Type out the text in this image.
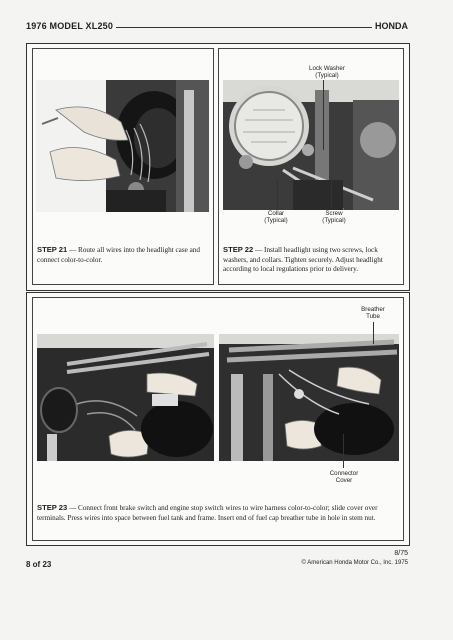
1976 MODEL XL250	HONDA
STEP 21 — Route all wires into the headlight case and connect color-to-color.
Lock Washer
(Typical)
Collar
(Typical)
Screw
(Typical)
STEP 22 — Install headlight using two screws, lock washers, and collars. Tighten securely. Adjust headlight according to local regulations prior to delivery.
Breather
Tube
Connector
Cover
STEP 23 — Connect front brake switch and engine stop switch wires to wire harness color-to-color; slide cover over terminals. Press wires into space between fuel tank and frame. Insert end of fuel cap breather tube in hole in stem nut.
8 of 23
8/75
© American Honda Motor Co., Inc. 1975
